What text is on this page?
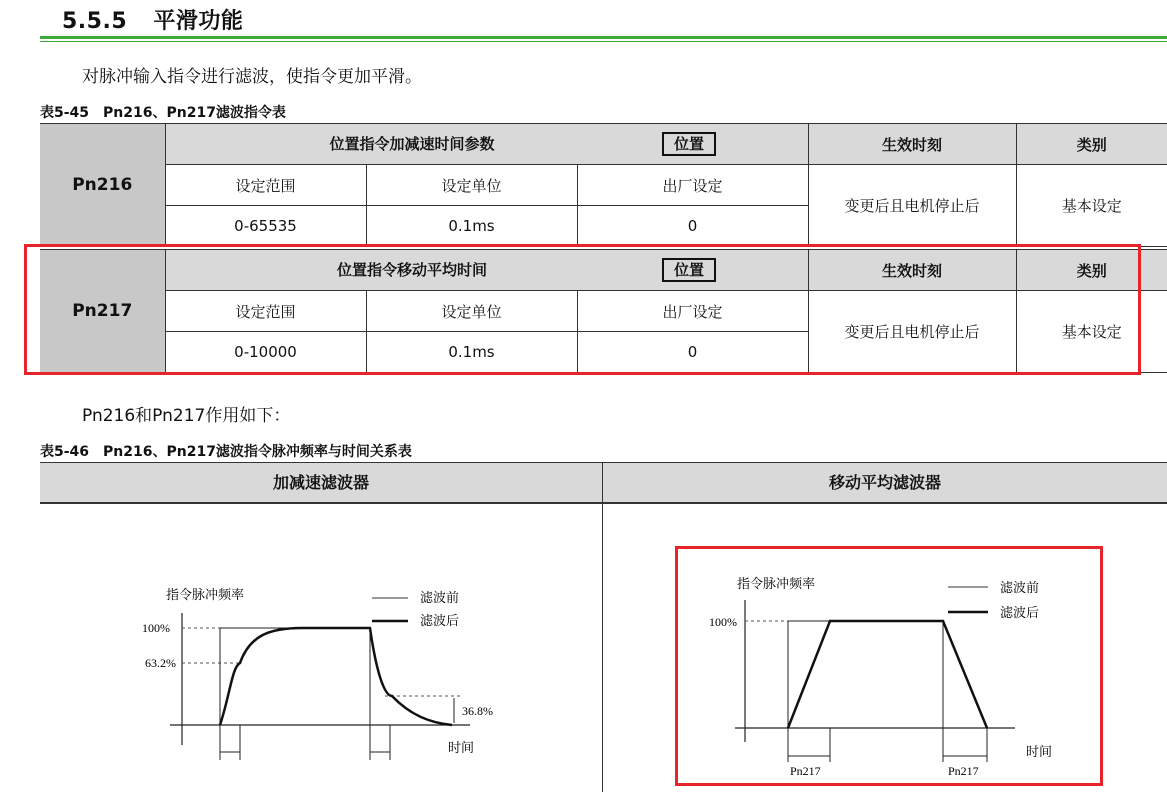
5.5.5 平滑功能
对脉冲输入指令进行滤波，使指令更加平滑。
表5-45　Pn216、Pn217滤波指令表
Pn216	位置指令加减速时间参数 位置			生效时刻	类别
	设定范围	设定单位	出厂设定	变更后且电机停止后	基本设定
	0-65535	0.1ms	0		
Pn217	位置指令移动平均时间 位置			生效时刻	类别
	设定范围	设定单位	出厂设定	变更后且电机停止后	基本设定
	0-10000	0.1ms	0		
Pn216和Pn217作用如下：
表5-46　Pn216、Pn217滤波指令脉冲频率与时间关系表
加减速滤波器	移动平均滤波器
指令脉冲频率
100%
63.2%
36.8%
滤波前
滤波后
时间
指令脉冲频率
100%
滤波前
滤波后
时间
Pn217	Pn217
